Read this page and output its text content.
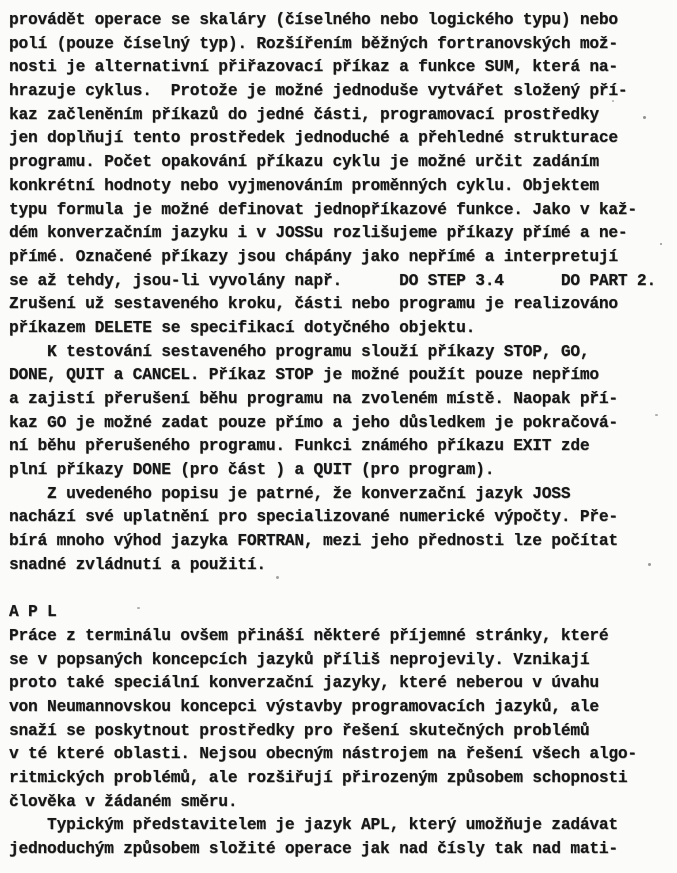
provádět operace se skaláry (číselného nebo logického typu) nebo
polí (pouze číselný typ). Rozšířením běžných fortranovských mož-
nosti je alternativní přiřazovací příkaz a funkce SUM, která na-
hrazuje cyklus.  Protože je možné jednoduše vytvářet složený pří-
kaz začleněním příkazů do jedné části, programovací prostředky
jen doplňují tento prostředek jednoduché a přehledné strukturace
programu. Počet opakování příkazu cyklu je možné určit zadáním
konkrétní hodnoty nebo vyjmenováním proměnných cyklu. Objektem
typu formula je možné definovat jednopříkazové funkce. Jako v kaž-
dém konverzačním jazyku i v JOSSu rozlišujeme příkazy přímé a ne-
přímé. Označené příkazy jsou chápány jako nepřímé a interpretují
se až tehdy, jsou-li vyvolány např.      DO STEP 3.4      DO PART 2.
Zrušení už sestaveného kroku, části nebo programu je realizováno
příkazem DELETE se specifikací dotyčného objektu.
K testování sestaveného programu slouží příkazy STOP, GO,
DONE, QUIT a CANCEL. Příkaz STOP je možné použít pouze nepřímo
a zajistí přerušení běhu programu na zvoleném místě. Naopak pří-
kaz GO je možné zadat pouze přímo a jeho důsledkem je pokračová-
ní běhu přerušeného programu. Funkci známého příkazu EXIT zde
plní příkazy DONE (pro část ) a QUIT (pro program).
Z uvedeného popisu je patrné, že konverzační jazyk JOSS
nachází své uplatnění pro specializované numerické výpočty. Pře-
bírá mnoho výhod jazyka FORTRAN, mezi jeho přednosti lze počítat
snadné zvládnutí a použití.
A P L
Práce z terminálu ovšem přináší některé příjemné stránky, které
se v popsaných koncepcích jazyků příliš neprojevily. Vznikají
proto také speciální konverzační jazyky, které neberou v úvahu
von Neumannovskou koncepci výstavby programovacích jazyků, ale
snaží se poskytnout prostředky pro řešení skutečných problémů
v té které oblasti. Nejsou obecným nástrojem na řešení všech algo-
ritmických problémů, ale rozšiřují přirozeným způsobem schopnosti
člověka v žádaném směru.
Typickým představitelem je jazyk APL, který umožňuje zadávat
jednoduchým způsobem složité operace jak nad čísly tak nad mati-
